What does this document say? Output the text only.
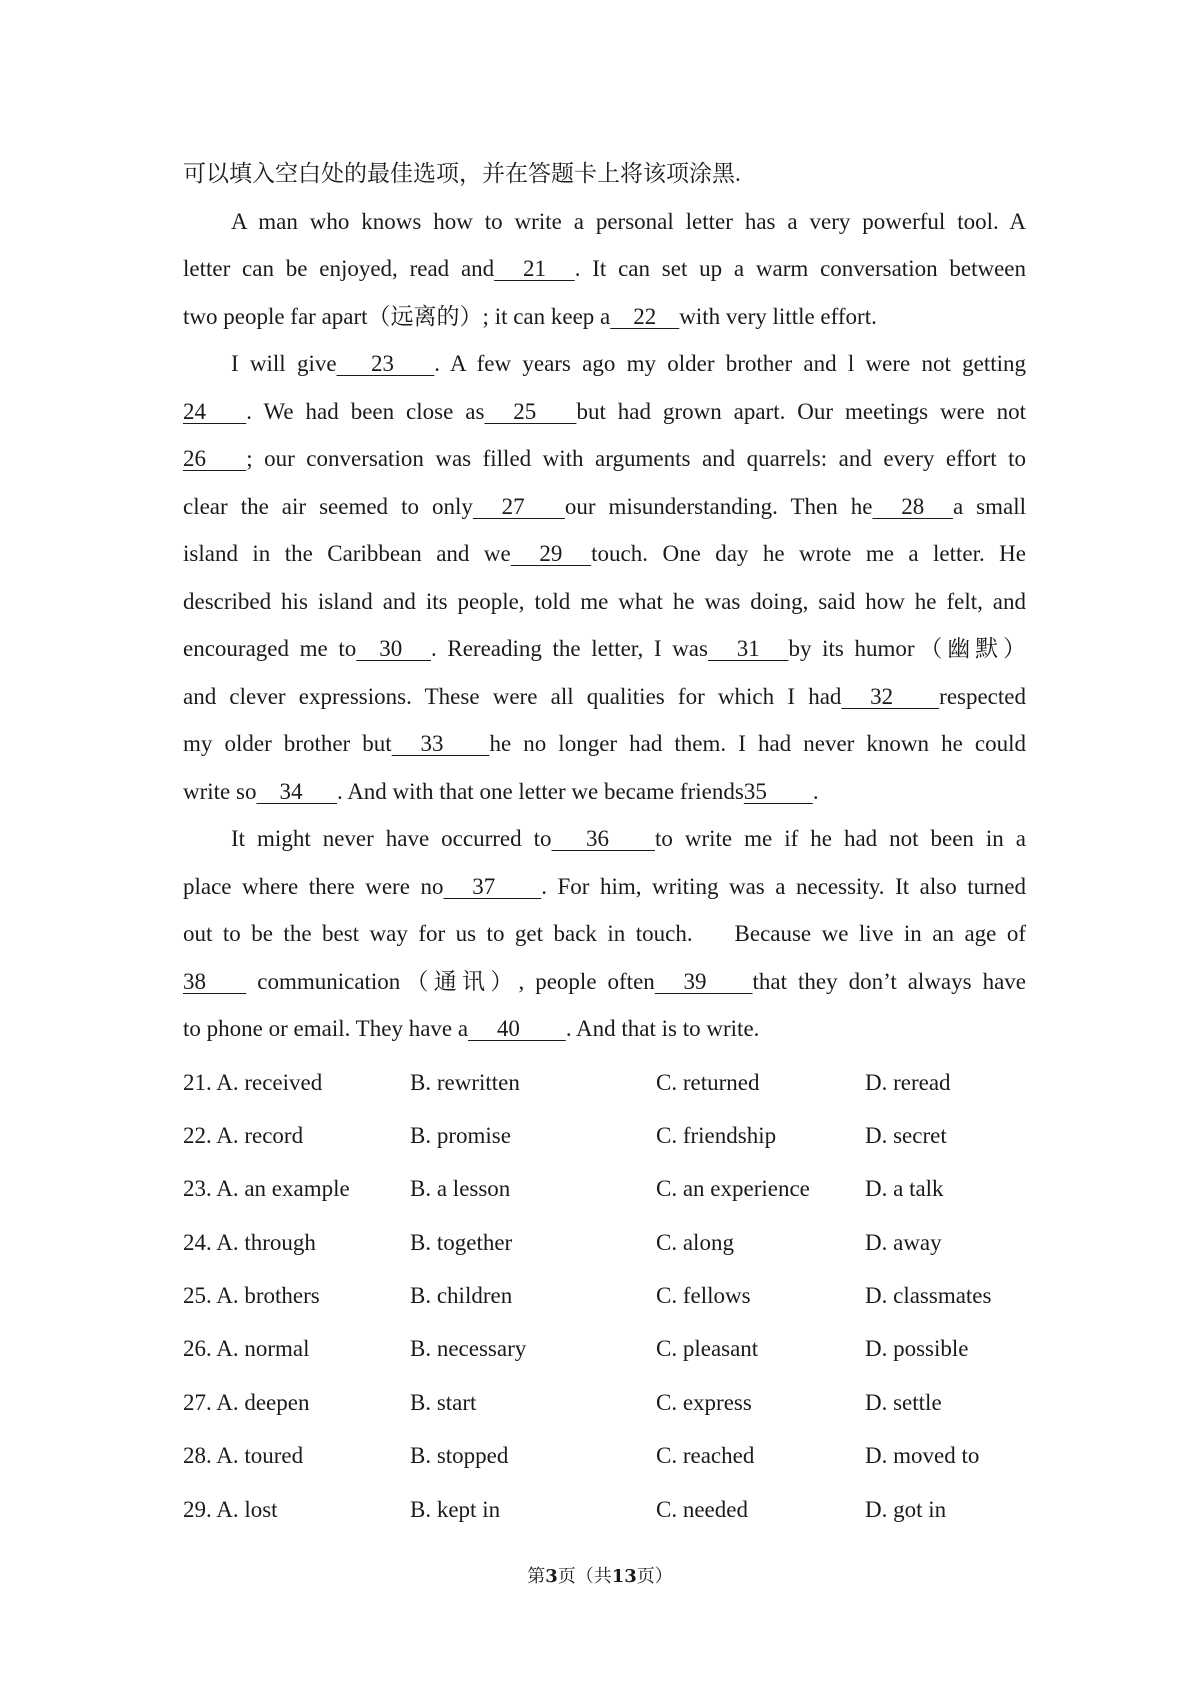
可以填入空白处的最佳选项，并在答题卡上将该项涂黑.
A man who knows how to write a personal letter has a very powerful tool. A
letter can be enjoyed, read and     21     . It can set up a warm conversation between
two people far apart（远离的）; it can keep a    22    with very little effort.
I will give      23       . A few years ago my older brother and l were not getting
24       . We had been close as     25       but had grown apart. Our meetings were not
26       ; our conversation was filled with arguments and quarrels: and every effort to
clear the air seemed to only     27       our misunderstanding. Then he     28     a small
island in the Caribbean and we     29     touch. One day he wrote me a letter. He
described his island and its people, told me what he was doing, said how he felt, and
encouraged me to    30     . Rereading the letter, I was     31     by its humor（幽默）
and clever expressions. These were all qualities for which I had     32        respected
my older brother but     33        he no longer had them. I had never known he could
write so    34      . And with that one letter we became friends35        .
It might never have occurred to      36        to write me if he had not been in a
place where there were no     37        . For him, writing was a necessity. It also turned
out to be the best way for us to get back in touch.    Because we live in an age of
38        communication（通讯）, people often     39        that they don’t always have
to phone or email. They have a     40        . And that is to write.
21. A. received	B. rewritten	C. returned	D. reread
22. A. record	B. promise	C. friendship	D. secret
23. A. an example	B. a lesson	C. an experience D. a talk
24. A. through	B. together	C. along	D. away
25. A. brothers	B. children	C. fellows	D. classmates
26. A. normal	B. necessary	C. pleasant	D. possible
27. A. deepen	B. start	C. express	D. settle
28. A. toured	B. stopped	C. reached	D. moved to
29. A. lost	B. kept in	C. needed	D. got in
第3页（共13页）
